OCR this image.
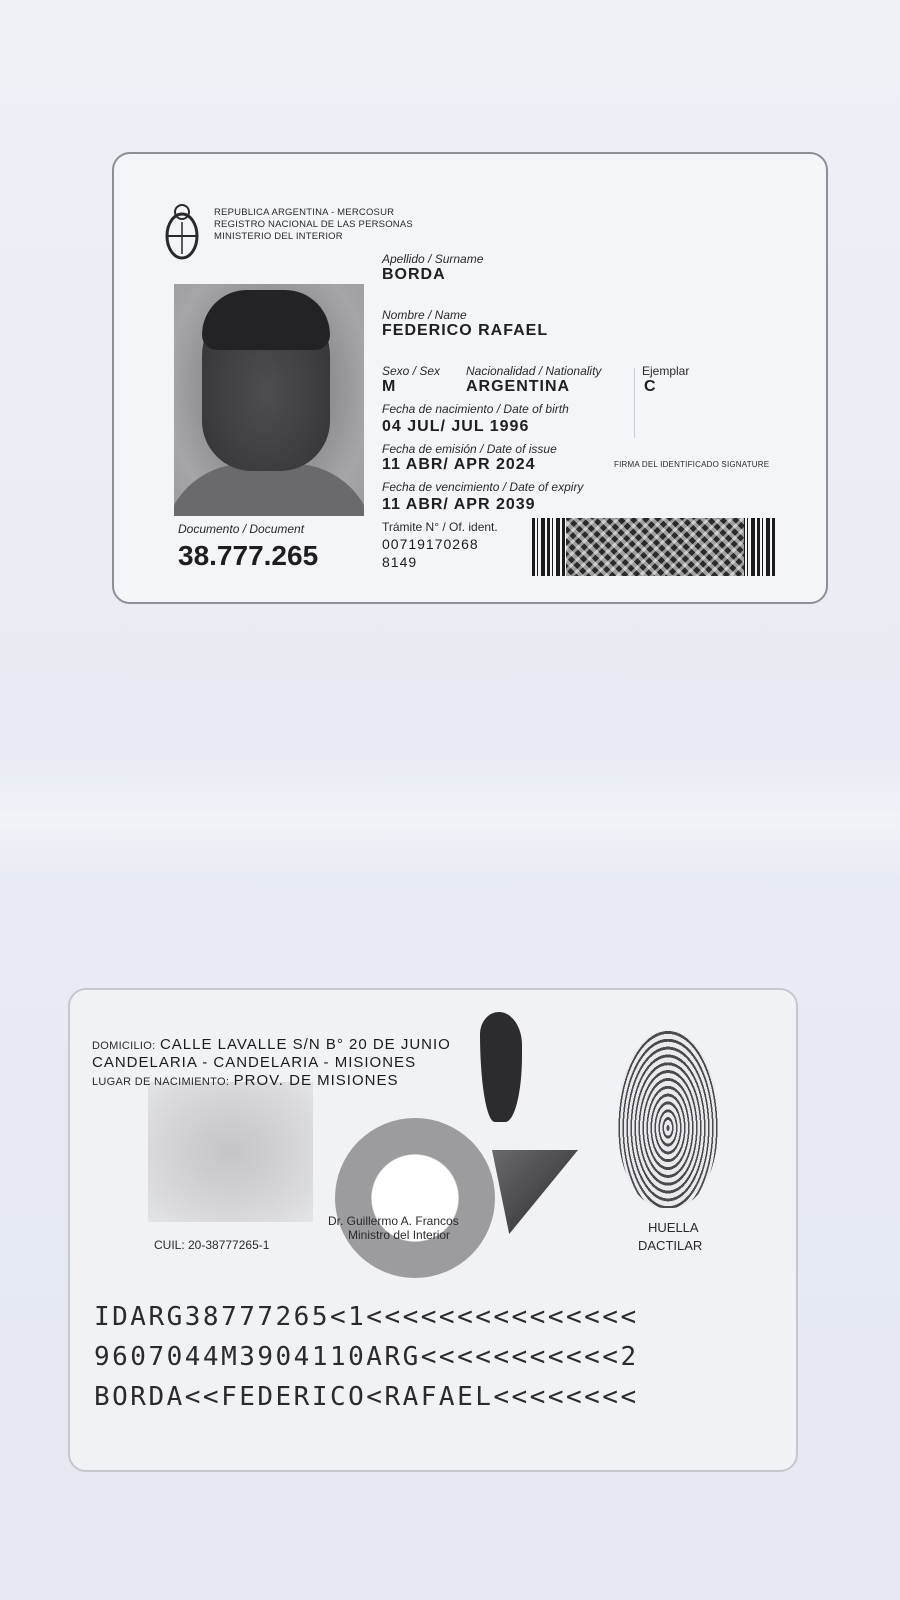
REPUBLICA ARGENTINA - MERCOSUR
REGISTRO NACIONAL DE LAS PERSONAS
MINISTERIO DEL INTERIOR
Apellido / Surname
BORDA
Nombre / Name
FEDERICO RAFAEL
Sexo / Sex
M
Nacionalidad / Nationality
ARGENTINA
Ejemplar
C
Fecha de nacimiento / Date of birth
04 JUL/ JUL 1996
Fecha de emisión / Date of issue
11 ABR/ APR 2024	FIRMA DEL IDENTIFICADO SIGNATURE
Fecha de vencimiento / Date of expiry
11 ABR/ APR 2039
Documento / Document
38.777.265
Trámite N° / Of. ident.
00719170268
8149
DOMICILIO: CALLE LAVALLE S/N B° 20 DE JUNIO
CANDELARIA - CANDELARIA - MISIONES
LUGAR DE NACIMIENTO: PROV. DE MISIONES
Dr. Guillermo A. Francos
Ministro del Interior	HUELLA
DACTILAR
CUIL: 20-38777265-1
IDARG38777265<1<<<<<<<<<<<<<<<
9607044M3904110ARG<<<<<<<<<<<2
BORDA<<FEDERICO<RAFAEL<<<<<<<<
